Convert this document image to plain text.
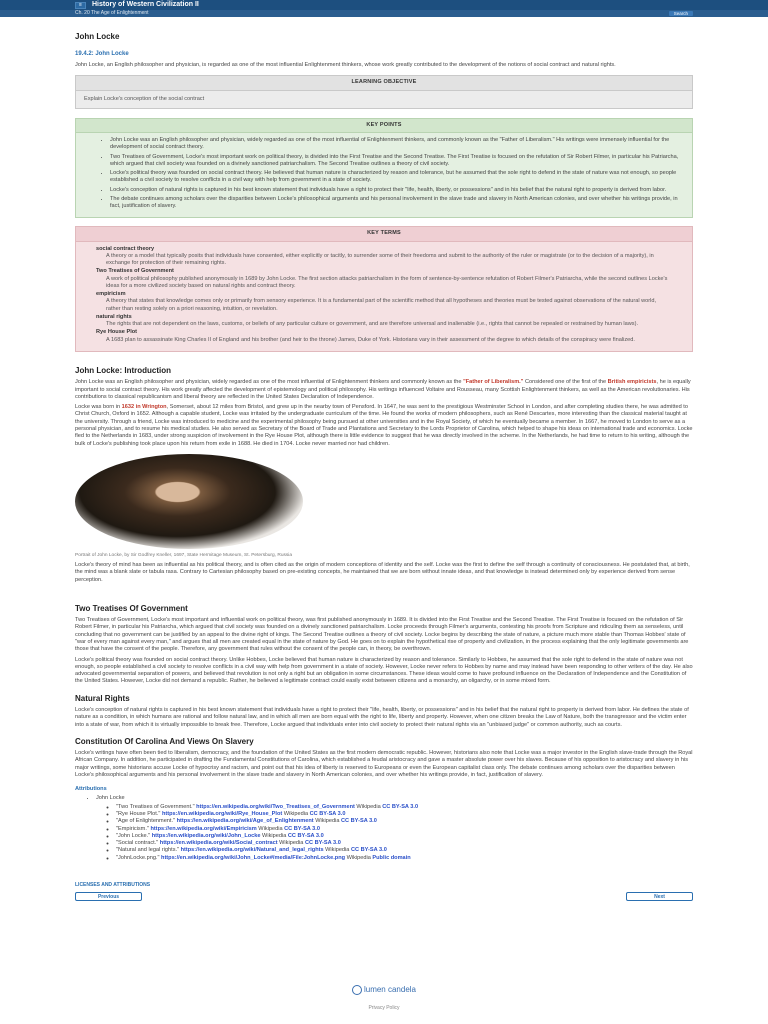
≡	History of Western Civilization II
Ch. 20 The Age of Enlightenment	Search
John Locke
19.4.2: John Locke

John Locke, an English philosopher and physician, is regarded as one of the most influential Enlightenment thinkers, whose work greatly contributed to the development of the notions of social contract and natural rights.

LEARNING OBJECTIVE
Explain Locke's conception of the social contract
KEY POINTS
• John Locke was an English philosopher and physician, widely regarded as one of the most influential of Enlightenment thinkers, and commonly known as the "Father of Liberalism." His writings were immensely influential for the development of social contract theory.
• Two Treatises of Government, Locke's most important work on political theory, is divided into the First Treatise and the Second Treatise. The First Treatise is focused on the refutation of Sir Robert Filmer, in particular his Patriarcha, which argued that civil society was founded on a divinely sanctioned patriarchalism. The Second Treatise outlines a theory of civil society.
• Locke's political theory was founded on social contract theory. He believed that human nature is characterized by reason and tolerance, but he assumed that the sole right to defend in the state of nature was not enough, so people established a civil society to resolve conflicts in a civil way with help from government in a state of society.
• Locke's conception of natural rights is captured in his best known statement that individuals have a right to protect their "life, health, liberty, or possessions" and in his belief that the natural right to property is derived from labor.
• The debate continues among scholars over the disparities between Locke's philosophical arguments and his personal involvement in the slave trade and slavery in North American colonies, and over whether his writings provide, in fact, justification of slavery.
KEY TERMS
social contract theory
A theory or a model that typically posits that individuals have consented, either explicitly or tacitly, to surrender some of their freedoms and submit to the authority of the ruler or magistrate (or to the decision of a majority), in exchange for protection of their remaining rights.
Two Treatises of Government
A work of political philosophy published anonymously in 1689 by John Locke. The first section attacks patriarchalism in the form of sentence-by-sentence refutation of Robert Filmer's Patriarcha, while the second outlines Locke's ideas for a more civilized society based on natural rights and contract theory.
empiricism
A theory that states that knowledge comes only or primarily from sensory experience. It is a fundamental part of the scientific method that all hypotheses and theories must be tested against observations of the natural world, rather than resting solely on a priori reasoning, intuition, or revelation.
natural rights
The rights that are not dependent on the laws, customs, or beliefs of any particular culture or government, and are therefore universal and inalienable (i.e., rights that cannot be repealed or restrained by human laws).
Rye House Plot
A 1683 plan to assassinate King Charles II of England and his brother (and heir to the throne) James, Duke of York. Historians vary in their assessment of the degree to which details of the conspiracy were finalized.
John Locke: Introduction

John Locke was an English philosopher and physician, widely regarded as one of the most influential of Enlightenment thinkers and commonly known as the "Father of Liberalism." Considered one of the first of the British empiricists, he is equally important to social contract theory. His work greatly affected the development of epistemology and political philosophy. His writings influenced Voltaire and Rousseau, many Scottish Enlightenment thinkers, as well as the American revolutionaries. His contributions to classical republicanism and liberal theory are reflected in the United States Declaration of Independence.

Locke was born in 1632 in Wrington, Somerset, about 12 miles from Bristol, and grew up in the nearby town of Pensford. In 1647, he was sent to the prestigious Westminster School in London, and after completing studies there, he was admitted to Christ Church, Oxford in 1652. Although a capable student, Locke was irritated by the undergraduate curriculum of the time. He found the works of modern philosophers, such as René Descartes, more interesting than the classical material taught at the university. Through a friend, Locke was introduced to medicine and the experimental philosophy being pursued at other universities and in the Royal Society, of which he eventually became a member. In 1667, he moved to London to serve as a personal physician, and to resume his medical studies. He also served as Secretary of the Board of Trade and Plantations and Secretary to the Lords Proprietor of Carolina, which helped to shape his ideas on international trade and economics. Locke fled to the Netherlands in 1683, under strong suspicion of involvement in the Rye House Plot, although there is little evidence to suggest that he was directly involved in the scheme. In the Netherlands, he had time to return to his writing, although the bulk of Locke's publishing took place upon his return from exile in 1688. He died in 1704. Locke never married nor had children.

Portrait of John Locke, by Sir Godfrey Kneller, 1697, State Hermitage Museum, St. Petersburg, Russia

Locke's theory of mind has been as influential as his political theory, and is often cited as the origin of modern conceptions of identity and the self. Locke was the first to define the self through a continuity of consciousness. He postulated that, at birth, the mind was a blank slate or tabula rasa. Contrary to Cartesian philosophy based on pre-existing concepts, he maintained that we are born without innate ideas, and that knowledge is instead determined only by experience derived from sense perception.

Two Treatises Of Government

Two Treatises of Government, Locke's most important and influential work on political theory, was first published anonymously in 1689. It is divided into the First Treatise and the Second Treatise. The First Treatise is focused on the refutation of Sir Robert Filmer, in particular his Patriarcha, which argued that civil society was founded on a divinely sanctioned patriarchalism. Locke proceeds through Filmer's arguments, contesting his proofs from Scripture and ridiculing them as senseless, until concluding that no government can be justified by an appeal to the divine right of kings. The Second Treatise outlines a theory of civil society. Locke begins by describing the state of nature, a picture much more stable than Thomas Hobbes' state of "war of every man against every man," and argues that all men are created equal in the state of nature by God. He goes on to explain the hypothetical rise of property and civilization, in the process explaining that the only legitimate governments are those that have the consent of the people. Therefore, any government that rules without the consent of the people can, in theory, be overthrown.

Locke's political theory was founded on social contract theory. Unlike Hobbes, Locke believed that human nature is characterized by reason and tolerance. Similarly to Hobbes, he assumed that the sole right to defend in the state of nature was not enough, so people established a civil society to resolve conflicts in a civil way with help from government in a state of society. However, Locke never refers to Hobbes by name and may instead have been responding to other writers of the day. He also advocated governmental separation of powers, and believed that revolution is not only a right but an obligation in some circumstances. These ideas would come to have profound influence on the Declaration of Independence and the Constitution of the United States. However, Locke did not demand a republic. Rather, he believed a legitimate contract could easily exist between citizens and a monarchy, an oligarchy, or in some mixed form.

Natural Rights

Locke's conception of natural rights is captured in his best known statement that individuals have a right to protect their "life, health, liberty, or possessions" and in his belief that the natural right to property is derived from labor. He defines the state of nature as a condition, in which humans are rational and follow natural law, and in which all men are born equal with the right to life, liberty and property. However, when one citizen breaks the Law of Nature, both the transgressor and the victim enter into a state of war, from which it is virtually impossible to break free. Therefore, Locke argued that individuals enter into civil society to protect their natural rights via an "unbiased judge" or common authority, such as courts.

Constitution Of Carolina And Views On Slavery

Locke's writings have often been tied to liberalism, democracy, and the foundation of the United States as the first modern democratic republic. However, historians also note that Locke was a major investor in the English slave-trade through the Royal African Company. In addition, he participated in drafting the Fundamental Constitutions of Carolina, which established a feudal aristocracy and gave a master absolute power over his slaves. Because of his opposition to aristocracy and slavery in his major writings, some historians accuse Locke of hypocrisy and racism, and point out that his idea of liberty is reserved to Europeans or even the European capitalist class only. The debate continues among scholars over the disparities between Locke's philosophical arguments and his personal involvement in the slave trade and slavery in North American colonies, and over whether his writings provide, in fact, justification of slavery.

Attributions
• John Locke
◦ "Two Treatises of Government." https://en.wikipedia.org/wiki/Two_Treatises_of_Government Wikipedia CC BY-SA 3.0
◦ "Rye House Plot." https://en.wikipedia.org/wiki/Rye_House_Plot Wikipedia CC BY-SA 3.0
◦ "Age of Enlightenment." https://en.wikipedia.org/wiki/Age_of_Enlightenment Wikipedia CC BY-SA 3.0
◦ "Empiricism." https://en.wikipedia.org/wiki/Empiricism Wikipedia CC BY-SA 3.0
◦ "John Locke." https://en.wikipedia.org/wiki/John_Locke Wikipedia CC BY-SA 3.0
◦ "Social contract." https://en.wikipedia.org/wiki/Social_contract Wikipedia CC BY-SA 3.0
◦ "Natural and legal rights." https://en.wikipedia.org/wiki/Natural_and_legal_rights Wikipedia CC BY-SA 3.0
◦ "JohnLocke.png." https://en.wikipedia.org/wiki/John_Locke#/media/File:JohnLocke.png Wikipedia Public domain
LICENSES AND ATTRIBUTIONS
Previous	Next
lumen candela
Privacy Policy
